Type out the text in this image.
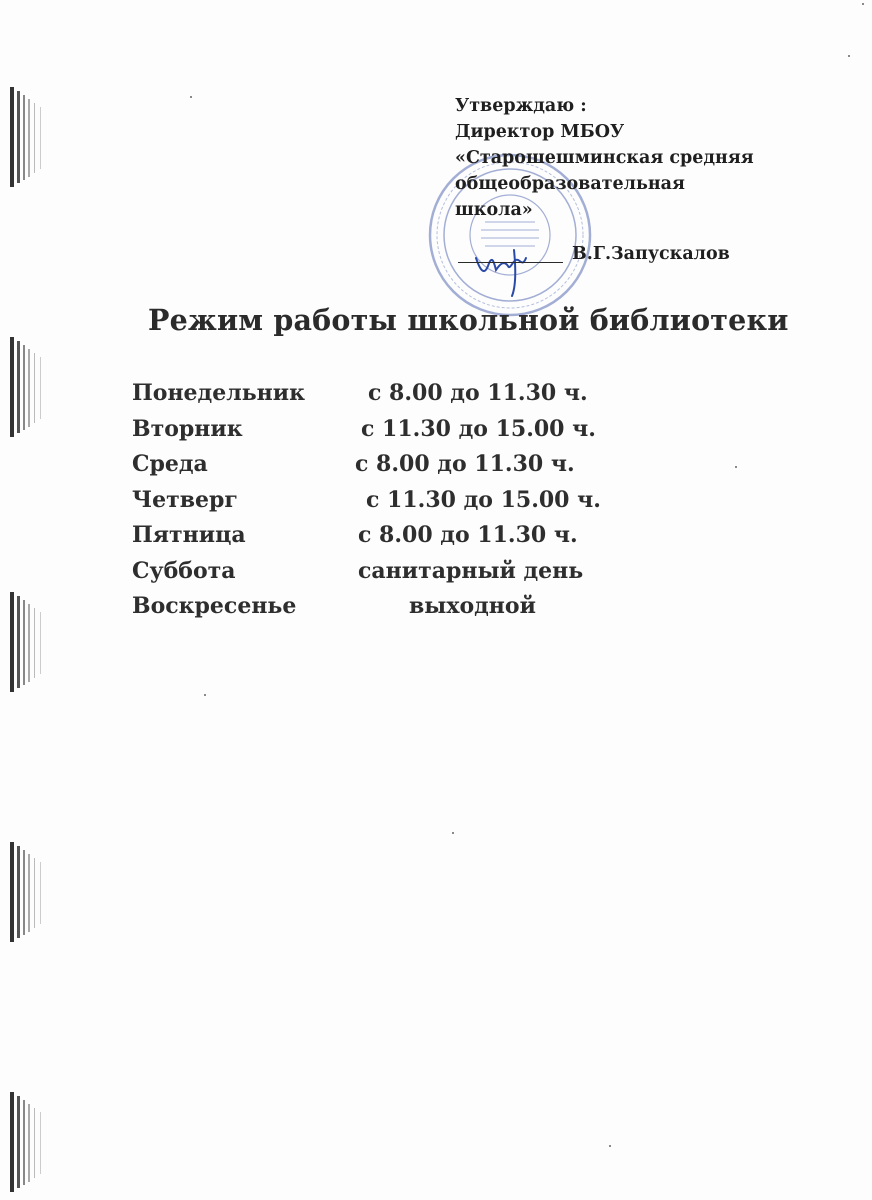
Утверждаю :
Директор МБОУ
«Старошешминская средняя
общеобразовательная
школа»
В.Г.Запускалов
Режим работы школьной библиотеки
Понедельник	с 8.00 до 11.30 ч.
Вторник	с 11.30 до 15.00 ч.
Среда	с 8.00 до 11.30 ч.
Четверг	с 11.30 до 15.00 ч.
Пятница	с 8.00 до 11.30 ч.
Суббота	санитарный день
Воскресенье	выходной
